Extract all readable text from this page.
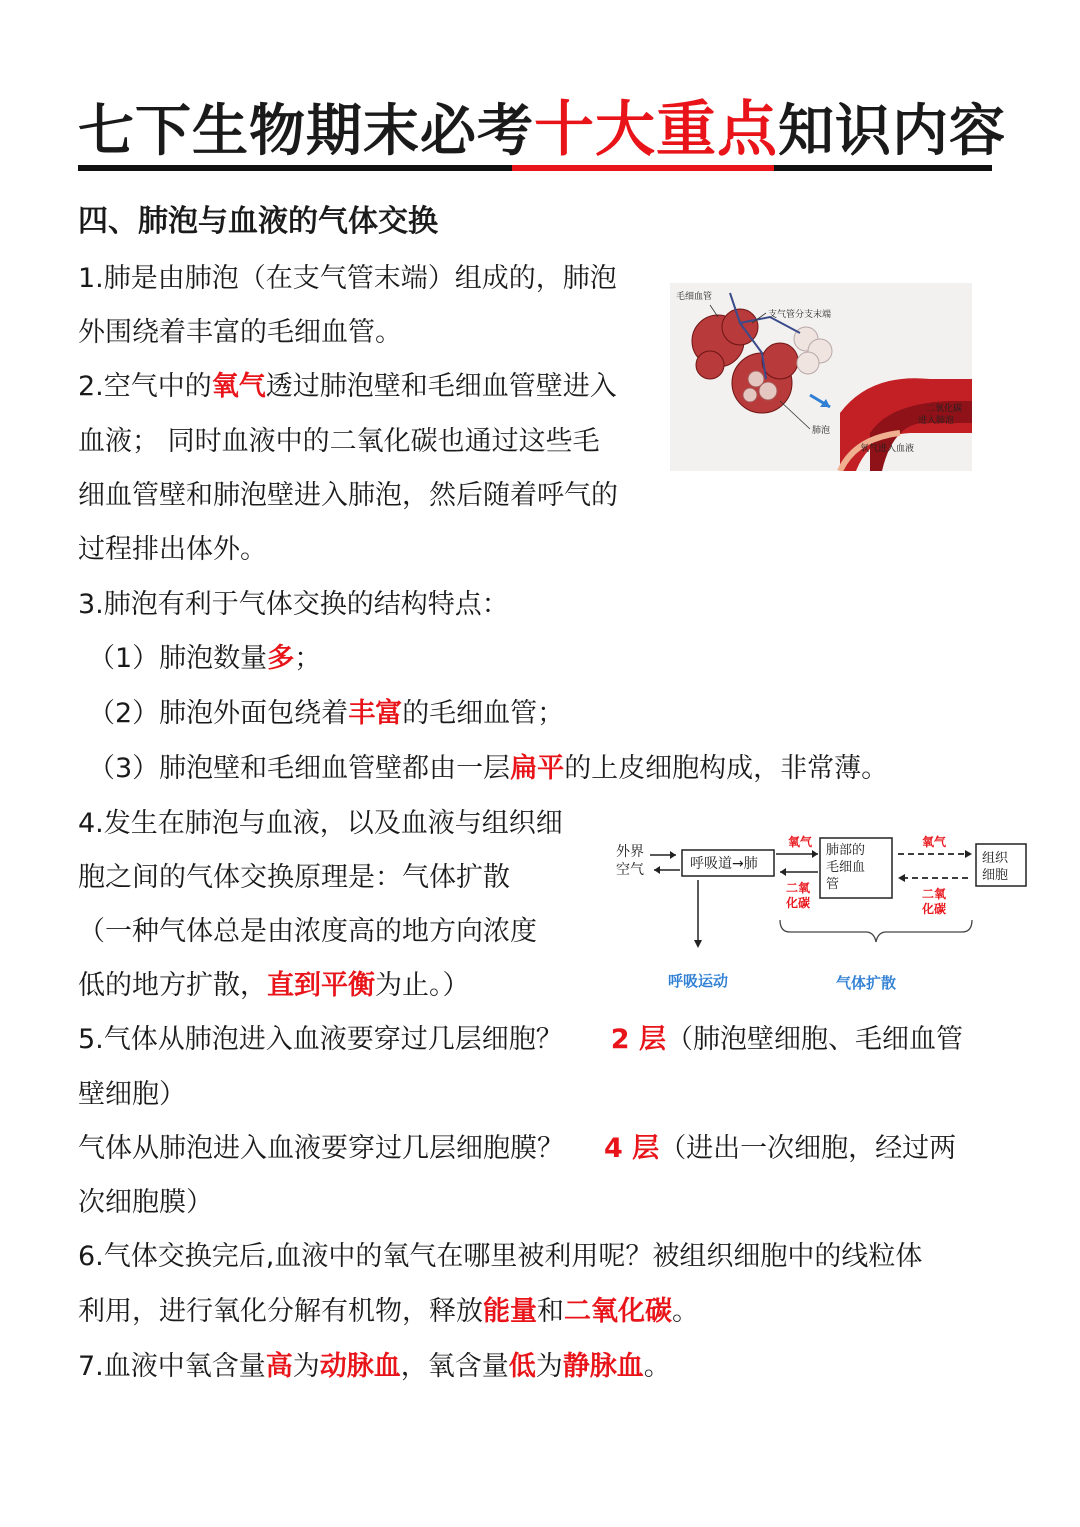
七下生物期末必考十大重点知识内容
四、肺泡与血液的气体交换
1.肺是由肺泡（在支气管末端）组成的，肺泡
外围绕着丰富的毛细血管。
2.空气中的氧气透过肺泡壁和毛细血管壁进入
血液； 同时血液中的二氧化碳也通过这些毛
细血管壁和肺泡壁进入肺泡，然后随着呼气的
过程排出体外。
毛细血管
支气管分支末端
肺泡
二氧化碳
进入肺泡
氧气进入血液
3.肺泡有利于气体交换的结构特点：
（1）肺泡数量多；
（2）肺泡外面包绕着丰富的毛细血管；
（3）肺泡壁和毛细血管壁都由一层扁平的上皮细胞构成，非常薄。
4.发生在肺泡与血液，以及血液与组织细
胞之间的气体交换原理是：气体扩散
（一种气体总是由浓度高的地方向浓度
低的地方扩散，直到平衡为止。）
外界
空气	呼吸道→肺
氧气
二氧
化碳
肺部的
毛细血
管
氧气
二氧
化碳
组织
细胞
呼吸运动	气体扩散
5.气体从肺泡进入血液要穿过几层细胞？ 2 层（肺泡壁细胞、毛细血管
壁细胞）
气体从肺泡进入血液要穿过几层细胞膜？ 4 层（进出一次细胞，经过两
次细胞膜）
6.气体交换完后,血液中的氧气在哪里被利用呢？被组织细胞中的线粒体
利用，进行氧化分解有机物，释放能量和二氧化碳。
7.血液中氧含量高为动脉血，氧含量低为静脉血。
